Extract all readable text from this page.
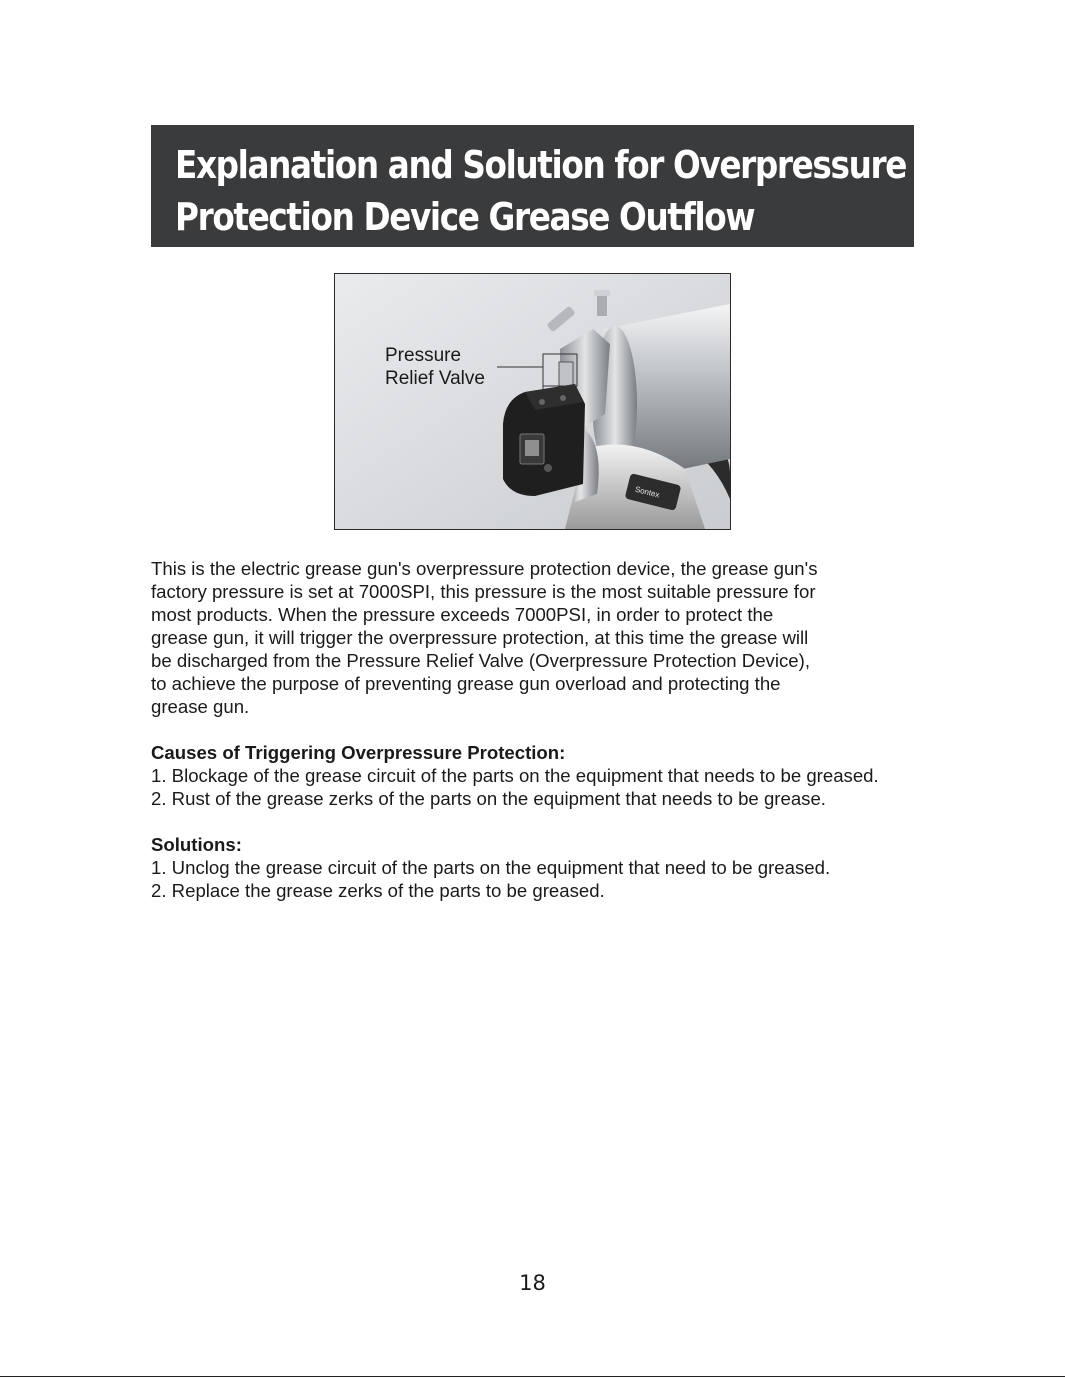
Explanation and Solution for Overpressure
Protection Device Grease Outflow
Sontex
Pressure
Relief Valve

This is the electric grease gun's overpressure protection device, the grease gun's
factory pressure is set at 7000SPI, this pressure is the most suitable pressure for
most products. When the pressure exceeds 7000PSI, in order to protect the
grease gun, it will trigger the overpressure protection, at this time the grease will
be discharged from the Pressure Relief Valve (Overpressure Protection Device),
to achieve the purpose of preventing grease gun overload and protecting the
grease gun.

Causes of Triggering Overpressure Protection:
1. Blockage of the grease circuit of the parts on the equipment that needs to be greased.
2. Rust of the grease zerks of the parts on the equipment that needs to be grease.
Solutions:
1. Unclog the grease circuit of the parts on the equipment that need to be greased.
2. Replace the grease zerks of the parts to be greased.
18
